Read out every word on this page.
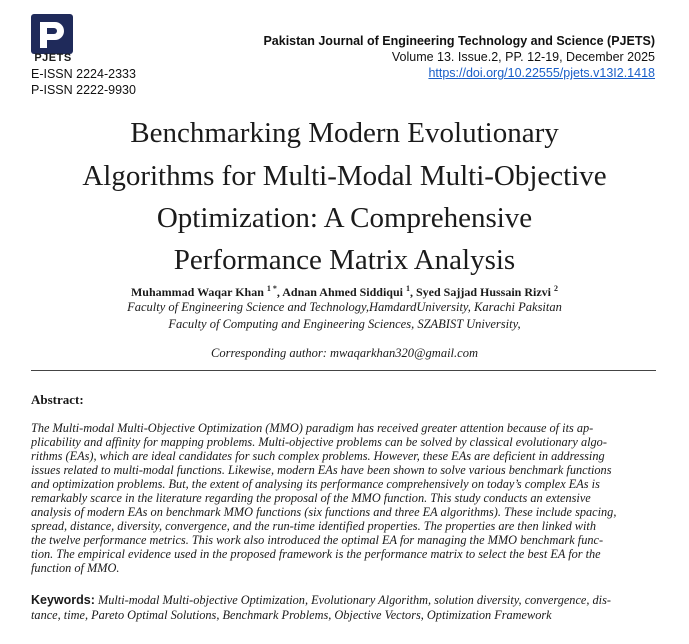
PJETS
E-ISSN 2224-2333
P-ISSN 2222-9930
Pakistan Journal of Engineering Technology and Science (PJETS)
Volume 13. Issue.2, PP. 12-19, December 2025
https://doi.org/10.22555/pjets.v13I2.1418
Benchmarking Modern Evolutionary
Algorithms for Multi-Modal Multi-Objective
Optimization: A Comprehensive
Performance Matrix Analysis
Muhammad Waqar Khan $^{1 *}$, Adnan Ahmed Siddiqui $^1$, Syed Sajjad Hussain Rizvi $^2$
Faculty of Engineering Science and Technology,HamdardUniversity, Karachi Paksitan
Faculty of Computing and Engineering Sciences, SZABIST University,
Corresponding author: mwaqarkhan320@gmail.com
Abstract:
The Multi-modal Multi-Objective Optimization (MMO) paradigm has received greater attention because of its ap-
plicability and affinity for mapping problems. Multi-objective problems can be solved by classical evolutionary algo-
rithms (EAs), which are ideal candidates for such complex problems. However, these EAs are deficient in addressing
issues related to multi-modal functions. Likewise, modern EAs have been shown to solve various benchmark functions
and optimization problems. But, the extent of analysing its performance comprehensively on today’s complex EAs is
remarkably scarce in the literature regarding the proposal of the MMO function. This study conducts an extensive
analysis of modern EAs on benchmark MMO functions (six functions and three EA algorithms). These include spacing,
spread, distance, diversity, convergence, and the run-time identified properties. The properties are then linked with
the twelve performance metrics. This work also introduced the optimal EA for managing the MMO benchmark func-
tion. The empirical evidence used in the proposed framework is the performance matrix to select the best EA for the
function of MMO.
Keywords: Multi-modal Multi-objective Optimization, Evolutionary Algorithm, solution diversity, convergence, dis-
tance, time, Pareto Optimal Solutions, Benchmark Problems, Objective Vectors, Optimization Framework
